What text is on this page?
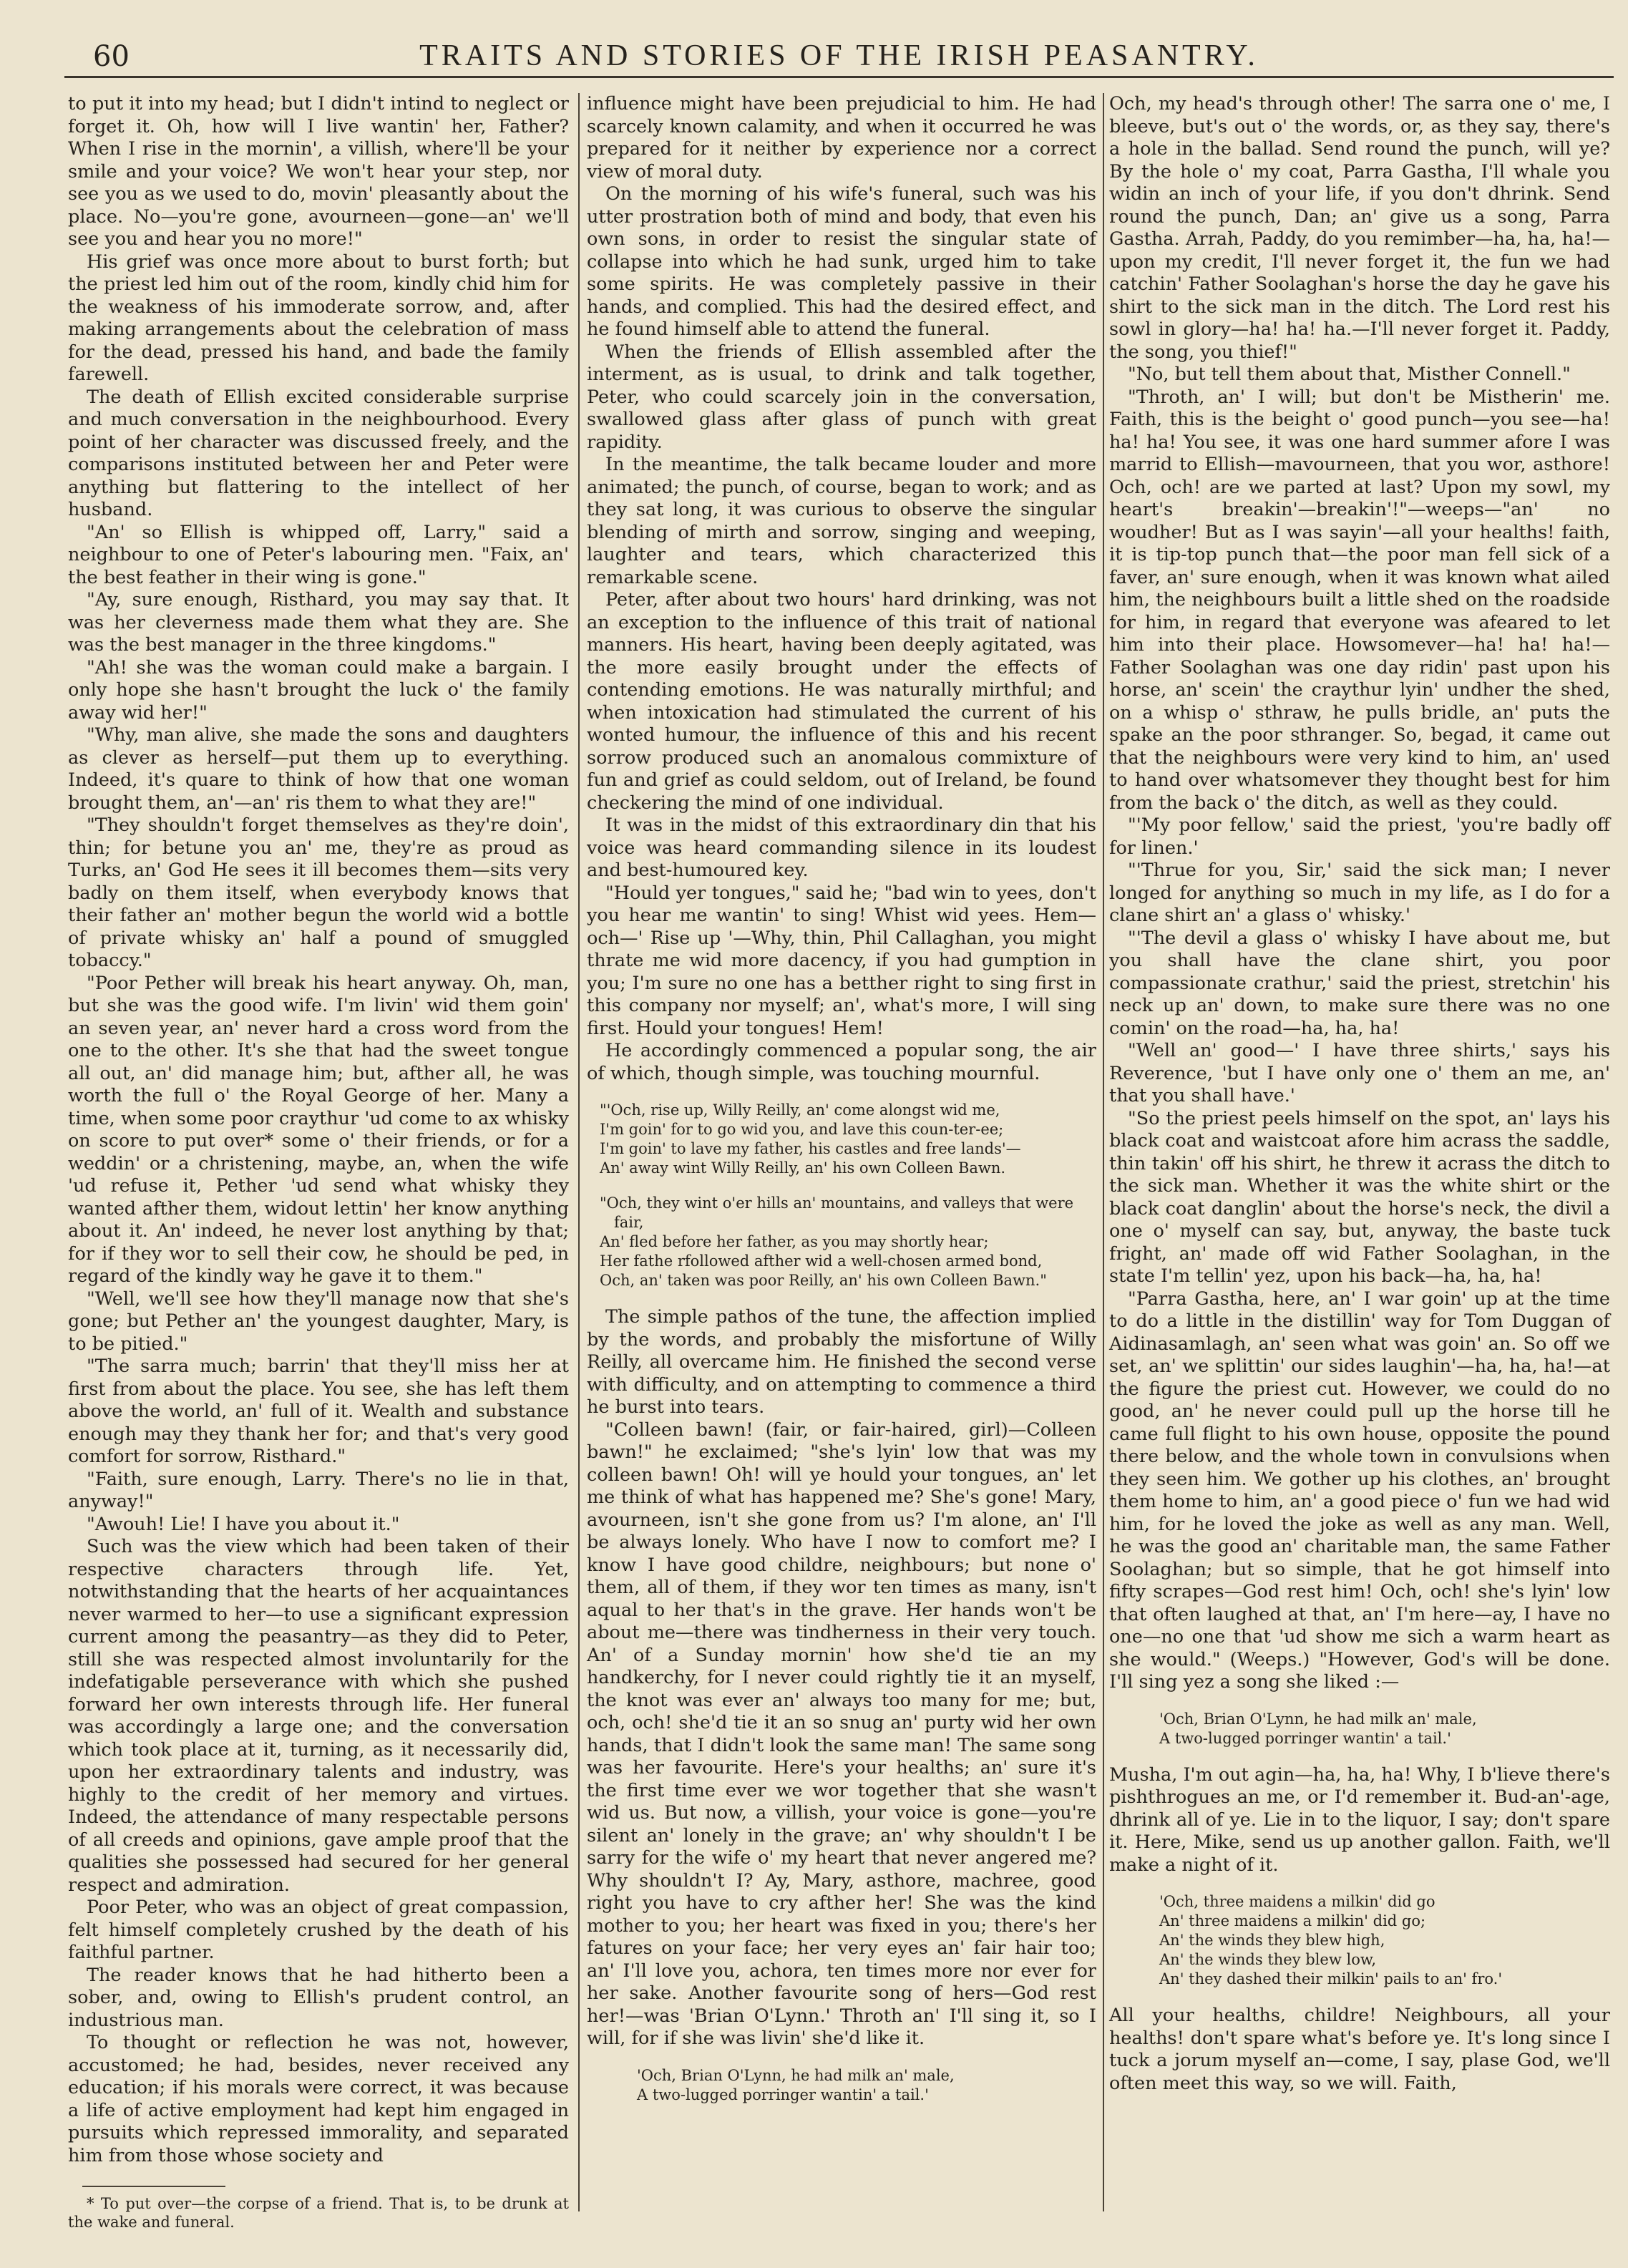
60	TRAITS AND STORIES OF THE IRISH PEASANTRY.

to put it into my head; but I didn't intind to neglect or forget it. Oh, how will I live wantin' her, Father? When I rise in the mornin', a villish, where'll be your smile and your voice? We won't hear your step, nor see you as we used to do, movin' pleasantly about the place. No—you're gone, avourneen—gone—an' we'll see you and hear you no more!"

His grief was once more about to burst forth; but the priest led him out of the room, kindly chid him for the weakness of his immoderate sorrow, and, after making arrangements about the celebration of mass for the dead, pressed his hand, and bade the family farewell.

The death of Ellish excited considerable surprise and much conversation in the neighbourhood. Every point of her character was discussed freely, and the comparisons instituted between her and Peter were anything but flattering to the intellect of her husband.

"An' so Ellish is whipped off, Larry," said a neighbour to one of Peter's labouring men. "Faix, an' the best feather in their wing is gone."

"Ay, sure enough, Risthard, you may say that. It was her cleverness made them what they are. She was the best manager in the three kingdoms."

"Ah! she was the woman could make a bargain. I only hope she hasn't brought the luck o' the family away wid her!"

"Why, man alive, she made the sons and daughters as clever as herself—put them up to everything. Indeed, it's quare to think of how that one woman brought them, an'—an' ris them to what they are!"

"They shouldn't forget themselves as they're doin', thin; for betune you an' me, they're as proud as Turks, an' God He sees it ill becomes them—sits very badly on them itself, when everybody knows that their father an' mother begun the world wid a bottle of private whisky an' half a pound of smuggled tobaccy."

"Poor Pether will break his heart anyway. Oh, man, but she was the good wife. I'm livin' wid them goin' an seven year, an' never hard a cross word from the one to the other. It's she that had the sweet tongue all out, an' did manage him; but, afther all, he was worth the full o' the Royal George of her. Many a time, when some poor craythur 'ud come to ax whisky on score to put over* some o' their friends, or for a weddin' or a christening, maybe, an, when the wife 'ud refuse it, Pether 'ud send what whisky they wanted afther them, widout lettin' her know anything about it. An' indeed, he never lost anything by that; for if they wor to sell their cow, he should be ped, in regard of the kindly way he gave it to them."

"Well, we'll see how they'll manage now that she's gone; but Pether an' the youngest daughter, Mary, is to be pitied."

"The sarra much; barrin' that they'll miss her at first from about the place. You see, she has left them above the world, an' full of it. Wealth and substance enough may they thank her for; and that's very good comfort for sorrow, Risthard."

"Faith, sure enough, Larry. There's no lie in that, anyway!"

"Awouh! Lie! I have you about it."

Such was the view which had been taken of their respective characters through life. Yet, notwithstanding that the hearts of her acquaintances never warmed to her—to use a significant expression current among the peasantry—as they did to Peter, still she was respected almost involuntarily for the indefatigable perseverance with which she pushed forward her own interests through life. Her funeral was accordingly a large one; and the conversation which took place at it, turning, as it necessarily did, upon her extraordinary talents and industry, was highly to the credit of her memory and virtues. Indeed, the attendance of many respectable persons of all creeds and opinions, gave ample proof that the qualities she possessed had secured for her general respect and admiration.

Poor Peter, who was an object of great compassion, felt himself completely crushed by the death of his faithful partner.

The reader knows that he had hitherto been a sober, and, owing to Ellish's prudent control, an industrious man.

To thought or reflection he was not, however, accustomed; he had, besides, never received any education; if his morals were correct, it was because a life of active employment had kept him engaged in pursuits which repressed immorality, and separated him from those whose society and

* To put over—the corpse of a friend. That is, to be drunk at the wake and funeral.

influence might have been prejudicial to him. He had scarcely known calamity, and when it occurred he was prepared for it neither by experience nor a correct view of moral duty.

On the morning of his wife's funeral, such was his utter prostration both of mind and body, that even his own sons, in order to resist the singular state of collapse into which he had sunk, urged him to take some spirits. He was completely passive in their hands, and complied. This had the desired effect, and he found himself able to attend the funeral.

When the friends of Ellish assembled after the interment, as is usual, to drink and talk together, Peter, who could scarcely join in the conversation, swallowed glass after glass of punch with great rapidity.

In the meantime, the talk became louder and more animated; the punch, of course, began to work; and as they sat long, it was curious to observe the singular blending of mirth and sorrow, singing and weeping, laughter and tears, which characterized this remarkable scene.

Peter, after about two hours' hard drinking, was not an exception to the influence of this trait of national manners. His heart, having been deeply agitated, was the more easily brought under the effects of contending emotions. He was naturally mirthful; and when intoxication had stimulated the current of his wonted humour, the influence of this and his recent sorrow produced such an anomalous commixture of fun and grief as could seldom, out of Ireland, be found checkering the mind of one individual.

It was in the midst of this extraordinary din that his voice was heard commanding silence in its loudest and best-humoured key.

"Hould yer tongues," said he; "bad win to yees, don't you hear me wantin' to sing! Whist wid yees. Hem—och—' Rise up '—Why, thin, Phil Callaghan, you might thrate me wid more dacency, if you had gumption in you; I'm sure no one has a betther right to sing first in this company nor myself; an', what's more, I will sing first. Hould your tongues! Hem!

He accordingly commenced a popular song, the air of which, though simple, was touching mournful.

"'Och, rise up, Willy Reilly, an' come alongst wid me,
I'm goin' for to go wid you, and lave this coun-ter-ee;
I'm goin' to lave my father, his castles and free lands'—
An' away wint Willy Reilly, an' his own Colleen Bawn.
"Och, they wint o'er hills an' mountains, and valleys that were fair,
An' fled before her father, as you may shortly hear;
Her fathe rfollowed afther wid a well-chosen armed bond,
Och, an' taken was poor Reilly, an' his own Colleen Bawn."

The simple pathos of the tune, the affection implied by the words, and probably the misfortune of Willy Reilly, all overcame him. He finished the second verse with difficulty, and on attempting to commence a third he burst into tears.

"Colleen bawn! (fair, or fair-haired, girl)—Colleen bawn!" he exclaimed; "she's lyin' low that was my colleen bawn! Oh! will ye hould your tongues, an' let me think of what has happened me? She's gone! Mary, avourneen, isn't she gone from us? I'm alone, an' I'll be always lonely. Who have I now to comfort me? I know I have good childre, neighbours; but none o' them, all of them, if they wor ten times as many, isn't aqual to her that's in the grave. Her hands won't be about me—there was tindherness in their very touch. An' of a Sunday mornin' how she'd tie an my handkerchy, for I never could rightly tie it an myself, the knot was ever an' always too many for me; but, och, och! she'd tie it an so snug an' purty wid her own hands, that I didn't look the same man! The same song was her favourite. Here's your healths; an' sure it's the first time ever we wor together that she wasn't wid us. But now, a villish, your voice is gone—you're silent an' lonely in the grave; an' why shouldn't I be sarry for the wife o' my heart that never angered me? Why shouldn't I? Ay, Mary, asthore, machree, good right you have to cry afther her! She was the kind mother to you; her heart was fixed in you; there's her fatures on your face; her very eyes an' fair hair too; an' I'll love you, achora, ten times more nor ever for her sake. Another favourite song of hers—God rest her!—was 'Brian O'Lynn.' Throth an' I'll sing it, so I will, for if she was livin' she'd like it.

'Och, Brian O'Lynn, he had milk an' male,
A two-lugged porringer wantin' a tail.'

Och, my head's through other! The sarra one o' me, I bleeve, but's out o' the words, or, as they say, there's a hole in the ballad. Send round the punch, will ye? By the hole o' my coat, Parra Gastha, I'll whale you widin an inch of your life, if you don't dhrink. Send round the punch, Dan; an' give us a song, Parra Gastha. Arrah, Paddy, do you remimber—ha, ha, ha!—upon my credit, I'll never forget it, the fun we had catchin' Father Soolaghan's horse the day he gave his shirt to the sick man in the ditch. The Lord rest his sowl in glory—ha! ha! ha.—I'll never forget it. Paddy, the song, you thief!"

"No, but tell them about that, Misther Connell."

"Throth, an' I will; but don't be Mistherin' me. Faith, this is the beight o' good punch—you see—ha! ha! ha! You see, it was one hard summer afore I was marrid to Ellish—mavourneen, that you wor, asthore! Och, och! are we parted at last? Upon my sowl, my heart's breakin'—breakin'!"—weeps—"an' no woudher! But as I was sayin'—all your healths! faith, it is tip-top punch that—the poor man fell sick of a faver, an' sure enough, when it was known what ailed him, the neighbours built a little shed on the roadside for him, in regard that everyone was afeared to let him into their place. Howsomever—ha! ha! ha!—Father Soolaghan was one day ridin' past upon his horse, an' scein' the craythur lyin' undher the shed, on a whisp o' sthraw, he pulls bridle, an' puts the spake an the poor sthranger. So, begad, it came out that the neighbours were very kind to him, an' used to hand over whatsomever they thought best for him from the back o' the ditch, as well as they could.

"'My poor fellow,' said the priest, 'you're badly off for linen.'

"'Thrue for you, Sir,' said the sick man; I never longed for anything so much in my life, as I do for a clane shirt an' a glass o' whisky.'

"'The devil a glass o' whisky I have about me, but you shall have the clane shirt, you poor compassionate crathur,' said the priest, stretchin' his neck up an' down, to make sure there was no one comin' on the road—ha, ha, ha!

"Well an' good—' I have three shirts,' says his Reverence, 'but I have only one o' them an me, an' that you shall have.'

"So the priest peels himself on the spot, an' lays his black coat and waistcoat afore him acrass the saddle, thin takin' off his shirt, he threw it acrass the ditch to the sick man. Whether it was the white shirt or the black coat danglin' about the horse's neck, the divil a one o' myself can say, but, anyway, the baste tuck fright, an' made off wid Father Soolaghan, in the state I'm tellin' yez, upon his back—ha, ha, ha!

"Parra Gastha, here, an' I war goin' up at the time to do a little in the distillin' way for Tom Duggan of Aidinasamlagh, an' seen what was goin' an. So off we set, an' we splittin' our sides laughin'—ha, ha, ha!—at the figure the priest cut. However, we could do no good, an' he never could pull up the horse till he came full flight to his own house, opposite the pound there below, and the whole town in convulsions when they seen him. We gother up his clothes, an' brought them home to him, an' a good piece o' fun we had wid him, for he loved the joke as well as any man. Well, he was the good an' charitable man, the same Father Soolaghan; but so simple, that he got himself into fifty scrapes—God rest him! Och, och! she's lyin' low that often laughed at that, an' I'm here—ay, I have no one—no one that 'ud show me sich a warm heart as she would." (Weeps.) "However, God's will be done. I'll sing yez a song she liked :—

'Och, Brian O'Lynn, he had milk an' male,
A two-lugged porringer wantin' a tail.'

Musha, I'm out agin—ha, ha, ha! Why, I b'lieve there's pishthrogues an me, or I'd remember it. Bud-an'-age, dhrink all of ye. Lie in to the liquor, I say; don't spare it. Here, Mike, send us up another gallon. Faith, we'll make a night of it.

'Och, three maidens a milkin' did go
An' three maidens a milkin' did go;
An' the winds they blew high,
An' the winds they blew low,
An' they dashed their milkin' pails to an' fro.'

All your healths, childre! Neighbours, all your healths! don't spare what's before ye. It's long since I tuck a jorum myself an—come, I say, plase God, we'll often meet this way, so we will. Faith,
